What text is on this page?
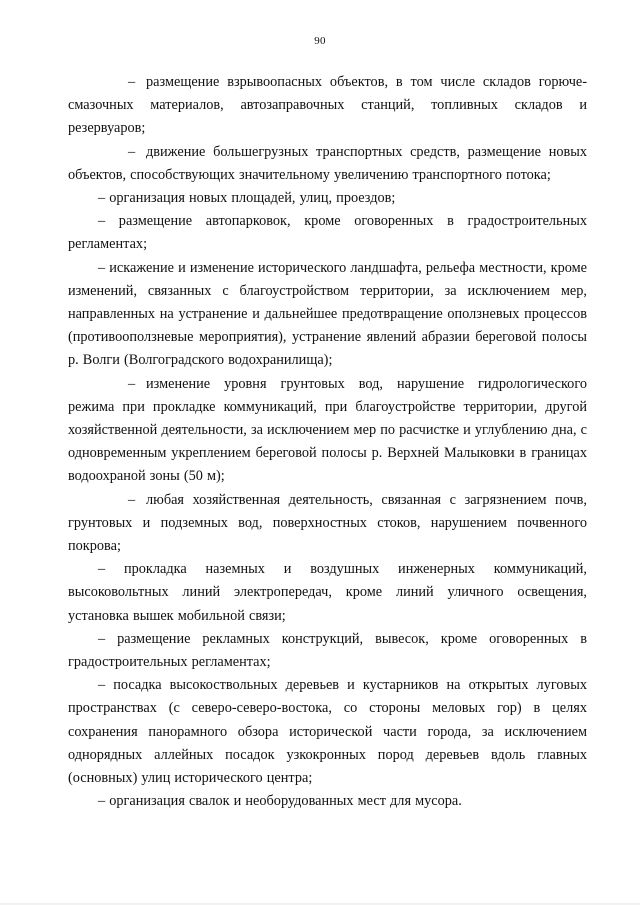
90

– размещение взрывоопасных объектов, в том числе складов горюче-смазочных материалов, автозаправочных станций, топливных складов и резервуаров;

– движение большегрузных транспортных средств, размещение новых объектов, способствующих значительному увеличению транспортного потока;

– организация новых площадей, улиц, проездов;

– размещение автопарковок, кроме оговоренных в градостроительных регламентах;

– искажение и изменение исторического ландшафта, рельефа местности, кроме изменений, связанных с благоустройством территории, за исключением мер, направленных на устранение и дальнейшее предотвращение оползневых процессов (противооползневые мероприятия), устранение явлений абразии береговой полосы р. Волги (Волгоградского водохранилища);

– изменение уровня грунтовых вод, нарушение гидрологического режима при прокладке коммуникаций, при благоустройстве территории, другой хозяйственной деятельности, за исключением мер по расчистке и углублению дна, с одновременным укреплением береговой полосы р. Верхней Малыковки в границах водоохраной зоны (50 м);

– любая хозяйственная деятельность, связанная с загрязнением почв, грунтовых и подземных вод, поверхностных стоков, нарушением почвенного покрова;

– прокладка наземных и воздушных инженерных коммуникаций, высоковольтных линий электропередач, кроме линий уличного освещения, установка вышек мобильной связи;

– размещение рекламных конструкций, вывесок, кроме оговоренных в градостроительных регламентах;

– посадка высокоствольных деревьев и кустарников на открытых луговых пространствах (с северо-северо-востока, со стороны меловых гор) в целях сохранения панорамного обзора исторической части города, за исключением однорядных аллейных посадок узкокронных пород деревьев вдоль главных (основных) улиц исторического центра;

– организация свалок и необорудованных мест для мусора.
